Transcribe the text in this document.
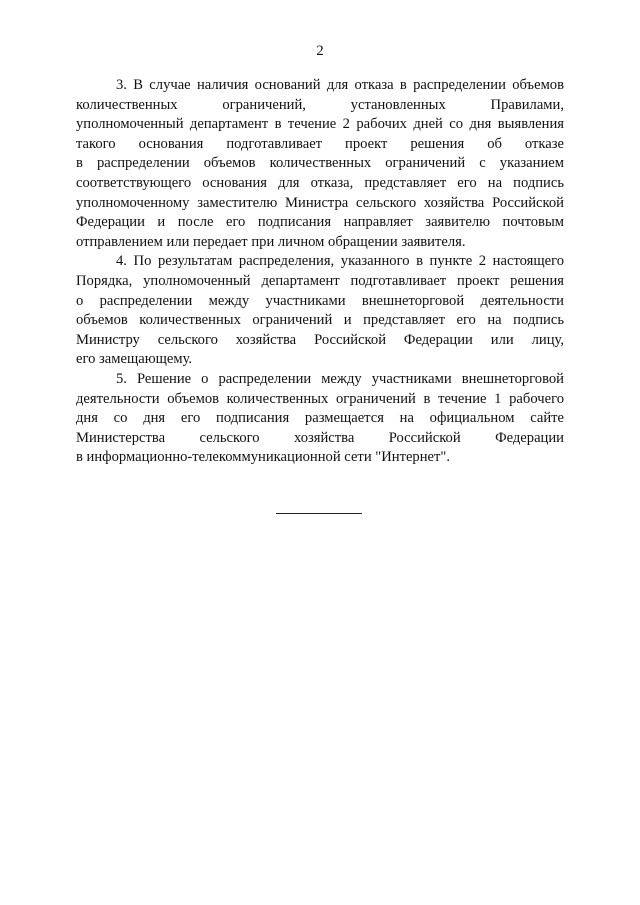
2
3. В случае наличия оснований для отказа в распределении объемов
количественных ограничений, установленных Правилами,
уполномоченный департамент в течение 2 рабочих дней со дня выявления
такого основания подготавливает проект решения об отказе
в распределении объемов количественных ограничений с указанием
соответствующего основания для отказа, представляет его на подпись
уполномоченному заместителю Министра сельского хозяйства Российской
Федерации и после его подписания направляет заявителю почтовым
отправлением или передает при личном обращении заявителя.
4. По результатам распределения, указанного в пункте 2 настоящего
Порядка, уполномоченный департамент подготавливает проект решения
о распределении между участниками внешнеторговой деятельности
объемов количественных ограничений и представляет его на подпись
Министру сельского хозяйства Российской Федерации или лицу,
его замещающему.
5. Решение о распределении между участниками внешнеторговой
деятельности объемов количественных ограничений в течение 1 рабочего
дня со дня его подписания размещается на официальном сайте
Министерства сельского хозяйства Российской Федерации
в информационно-телекоммуникационной сети "Интернет".
